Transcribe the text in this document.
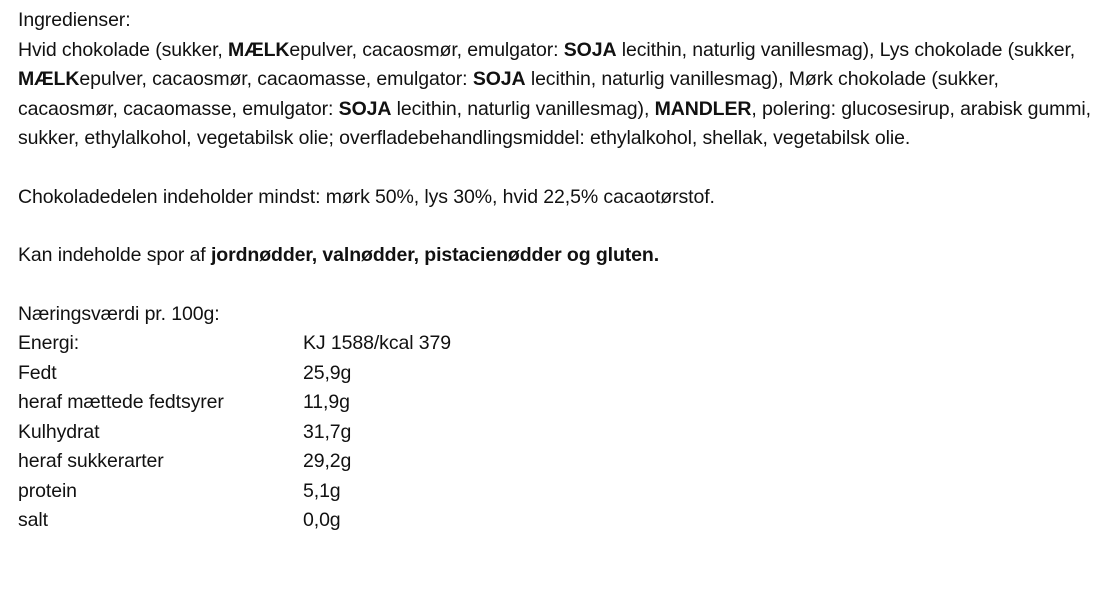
Ingredienser:

Hvid chokolade (sukker, MÆLKepulver, cacaosmør, emulgator: SOJA lecithin, naturlig vanillesmag), Lys chokolade (sukker, MÆLKepulver, cacaosmør, cacaomasse, emulgator: SOJA lecithin, naturlig vanillesmag), Mørk chokolade (sukker, cacaosmør, cacaomasse, emulgator: SOJA lecithin, naturlig vanillesmag), MANDLER, polering: glucosesirup, arabisk gummi, sukker, ethylalkohol, vegetabilsk olie; overfladebehandlingsmiddel: ethylalkohol, shellak, vegetabilsk olie.

Chokoladedelen indeholder mindst: mørk 50%, lys 30%, hvid 22,5% cacaotørstof.

Kan indeholde spor af jordnødder, valnødder, pistacienødder og gluten.

Næringsværdi pr. 100g:

Energi:	KJ 1588/kcal 379
Fedt	25,9g
heraf mættede fedtsyrer	11,9g
Kulhydrat	31,7g
heraf sukkerarter	29,2g
protein	5,1g
salt	0,0g
